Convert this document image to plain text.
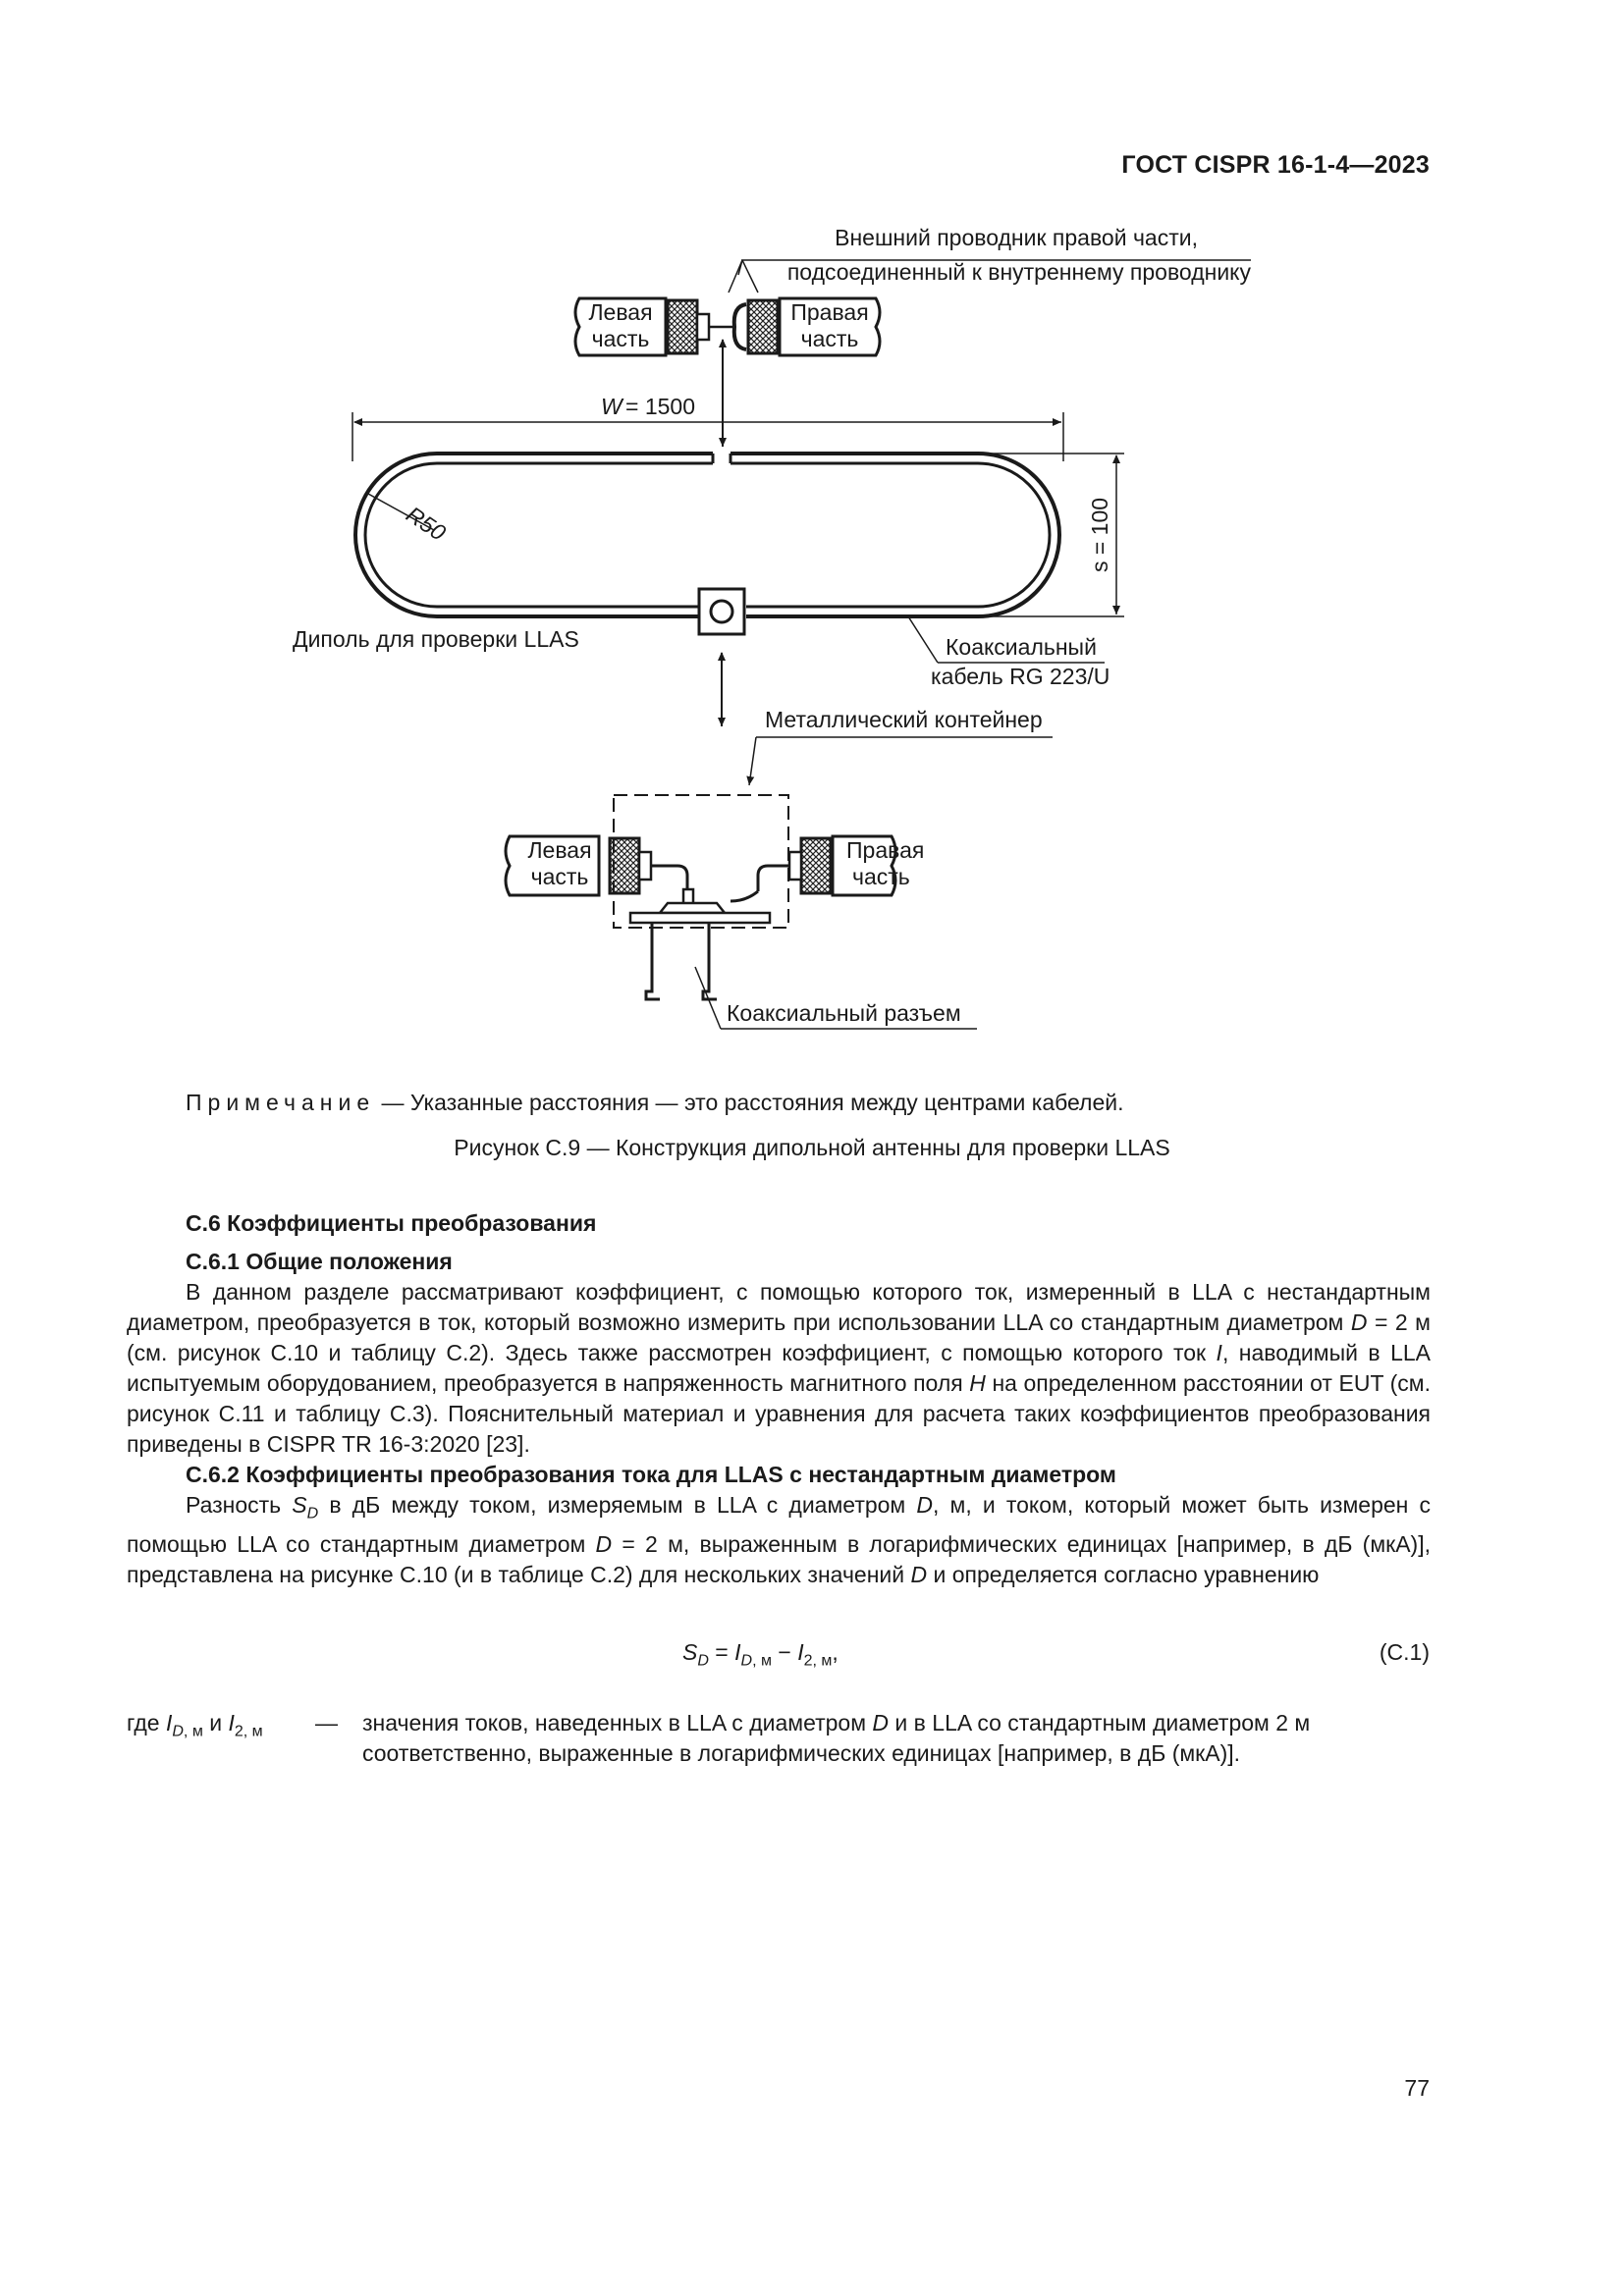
ГОСТ CISPR 16-1-4—2023
Внешний проводник правой части,
подсоединенный к внутреннему проводнику
Левая
часть
Правая
часть
W = 1500
R50	s = 100
Диполь для проверки LLAS	Коаксиальный
кабель RG 223/U
Металлический контейнер
Левая
часть
Правая
часть
Коаксиальный разъем
Примечание — Указанные расстояния — это расстояния между центрами кабелей.
Рисунок С.9 — Конструкция дипольной антенны для проверки LLAS
С.6 Коэффициенты преобразования
С.6.1 Общие положения

В данном разделе рассматривают коэффициент, с помощью которого ток, измеренный в LLA с нестандартным диаметром, преобразуется в ток, который возможно измерить при использовании LLA со стандартным диаметром D = 2 м (см. рисунок С.10 и таблицу С.2). Здесь также рассмотрен коэффициент, с помощью которого ток I, наводимый в LLA испытуемым оборудованием, преобразуется в напряженность магнитного поля H на определенном расстоянии от EUT (см. рисунок С.11 и таблицу С.3). Пояснительный материал и уравнения для расчета таких коэффициентов преобразования приведены в CISPR TR 16-3:2020 [23].

С.6.2 Коэффициенты преобразования тока для LLAS с нестандартным диаметром

Разность $S_D$ в дБ между током, измеряемым в LLA с диаметром D, м, и током, который может быть измерен с помощью LLA со стандартным диаметром D = 2 м, выраженным в логарифмических единицах [например, в дБ (мкА)], представлена на рисунке С.10 (и в таблице С.2) для нескольких значений D и определяется согласно уравнению

$S_D = I_{D, м} - I_{2, м}$,	(С.1)
где $I_{D, м}$ и $I_{2, м}$ — значения токов, наведенных в LLA с диаметром D и в LLA со стандартным диаметром 2 м соответственно, выраженные в логарифмических единицах [например, в дБ (мкА)].
77
